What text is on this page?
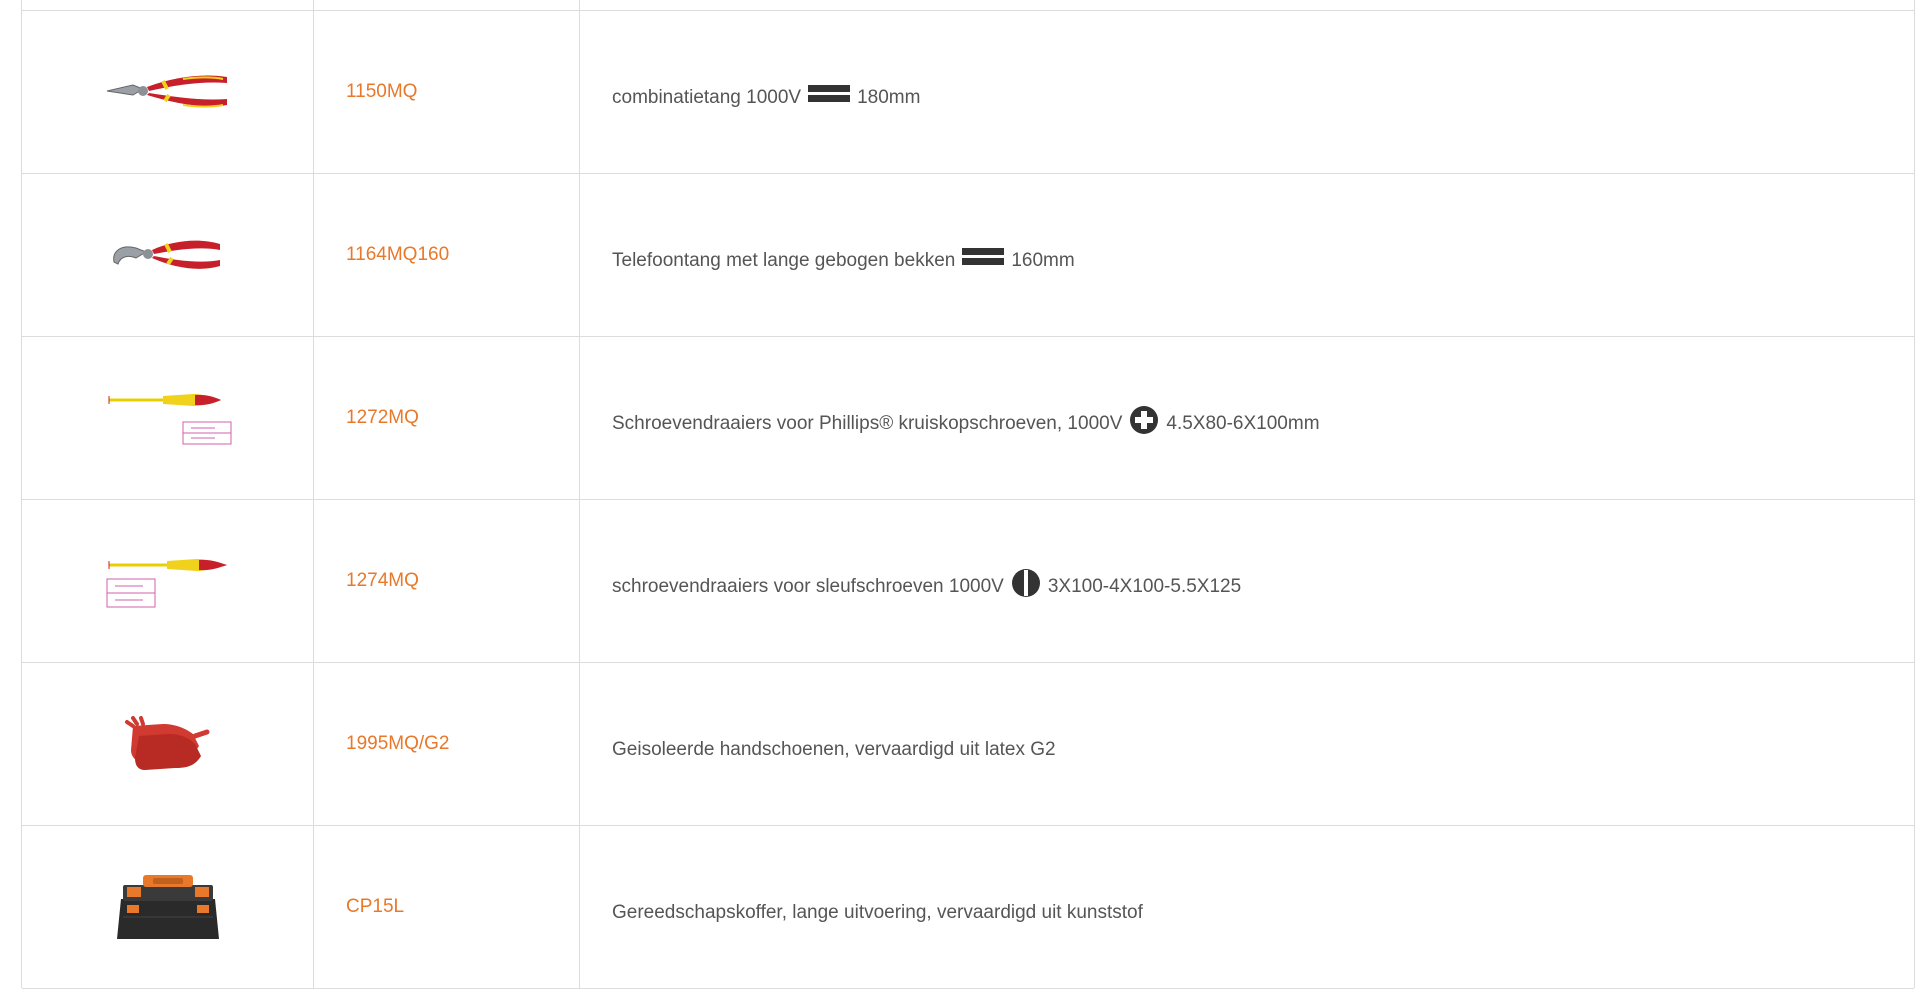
1150MQ	combinatietang 1000V	180mm
1164MQ160	Telefoontang met lange gebogen bekken	160mm
1272MQ	Schroevendraaiers voor Phillips® kruiskopschroeven, 1000V 4.5X80-6X100mm
1274MQ	schroevendraaiers voor sleufschroeven 1000V 3X100-4X100-5.5X125
1995MQ/G2	Geisoleerde handschoenen, vervaardigd uit latex G2
CP15L	Gereedschapskoffer, lange uitvoering, vervaardigd uit kunststof
